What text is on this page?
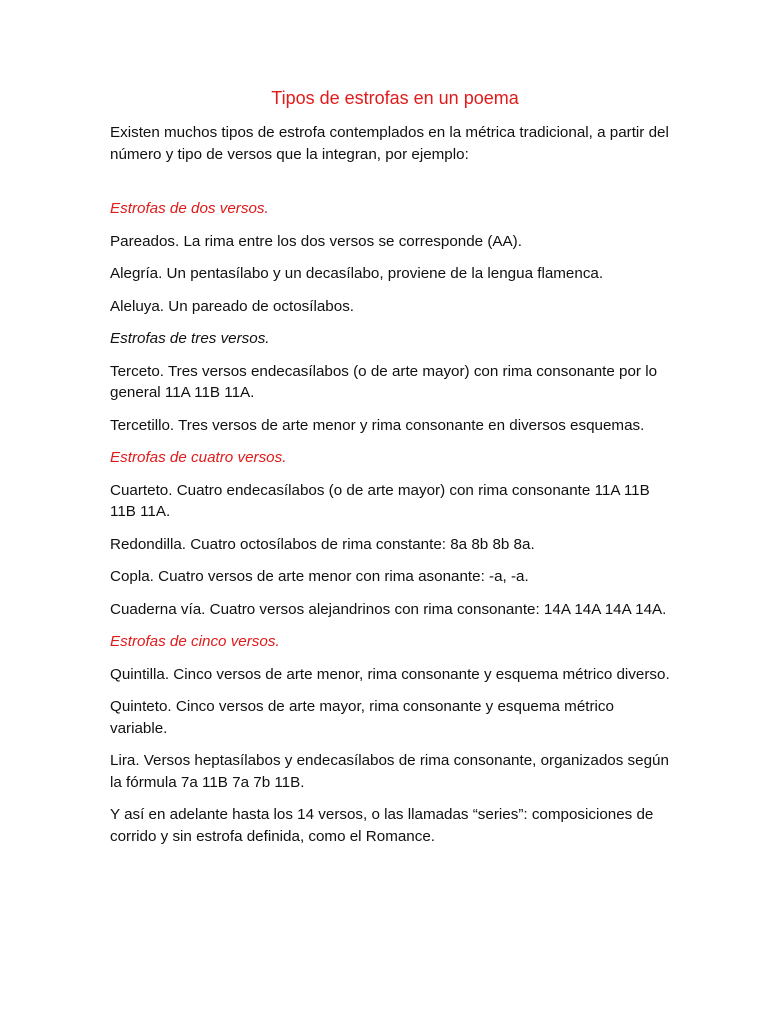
Tipos de estrofas en un poema

Existen muchos tipos de estrofa contemplados en la métrica tradicional, a partir del número y tipo de versos que la integran, por ejemplo:

Estrofas de dos versos.

Pareados. La rima entre los dos versos se corresponde (AA).

Alegría. Un pentasílabo y un decasílabo, proviene de la lengua flamenca.

Aleluya. Un pareado de octosílabos.

Estrofas de tres versos.

Terceto. Tres versos endecasílabos (o de arte mayor) con rima consonante por lo general 11A 11B 11A.

Tercetillo. Tres versos de arte menor y rima consonante en diversos esquemas.

Estrofas de cuatro versos.

Cuarteto. Cuatro endecasílabos (o de arte mayor) con rima consonante 11A 11B 11B 11A.

Redondilla. Cuatro octosílabos de rima constante: 8a 8b 8b 8a.

Copla. Cuatro versos de arte menor con rima asonante: -a, -a.

Cuaderna vía. Cuatro versos alejandrinos con rima consonante: 14A 14A 14A 14A.

Estrofas de cinco versos.

Quintilla. Cinco versos de arte menor, rima consonante y esquema métrico diverso.

Quinteto. Cinco versos de arte mayor, rima consonante y esquema métrico variable.

Lira. Versos heptasílabos y endecasílabos de rima consonante, organizados según la fórmula 7a 11B 7a 7b 11B.

Y así en adelante hasta los 14 versos, o las llamadas “series”: composiciones de corrido y sin estrofa definida, como el Romance.
